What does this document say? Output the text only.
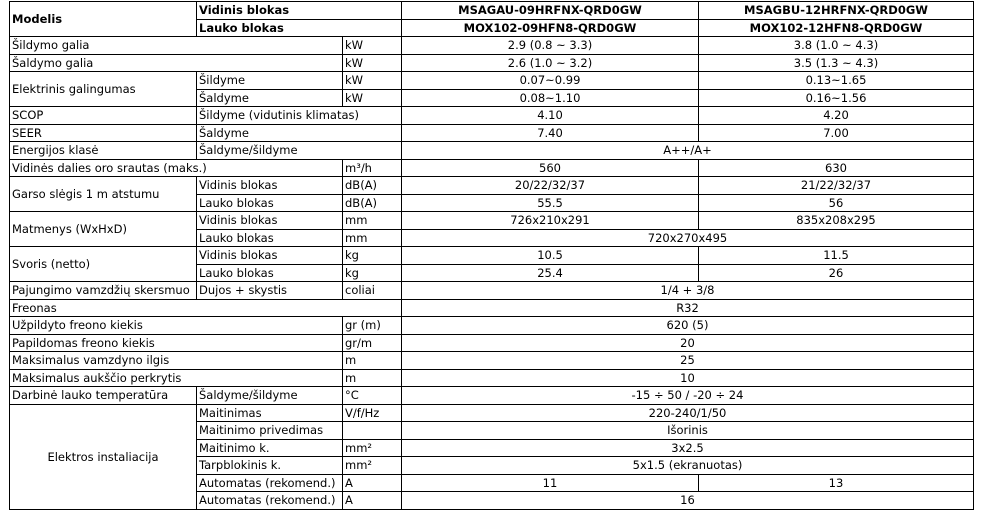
Modelis	Vidinis blokas		MSAGAU-09HRFNX-QRD0GW	MSAGBU-12HRFNX-QRD0GW
	Lauko blokas		MOX102-09HFN8-QRD0GW	MOX102-12HFN8-QRD0GW
Šildymo galia		kW	2.9 (0.8 ~ 3.3)	3.8 (1.0 ~ 4.3)
Šaldymo galia		kW	2.6 (1.0 ~ 3.2)	3.5 (1.3 ~ 4.3)
Elektrinis galingumas	Šildyme	kW	0.07~0.99	0.13~1.65
	Šaldyme	kW	0.08~1.10	0.16~1.56
SCOP	Šildyme (vidutinis klimatas)		4.10	4.20
SEER	Šaldyme		7.40	7.00
Energijos klasė	Šaldyme/šildyme		A++/A+	
Vidinės dalies oro srautas (maks.)		m³/h	560	630
Garso slėgis 1 m atstumu	Vidinis blokas	dB(A)	20/22/32/37	21/22/32/37
	Lauko blokas	dB(A)	55.5	56
Matmenys (WxHxD)	Vidinis blokas	mm	726x210x291	835x208x295
	Lauko blokas	mm	720x270x495	
Svoris (netto)	Vidinis blokas	kg	10.5	11.5
	Lauko blokas	kg	25.4	26
Pajungimo vamzdžių skersmuo	Dujos + skystis	coliai	1/4 + 3/8	
Freonas			R32	
Užpildyto freono kiekis		gr (m)	620 (5)	
Papildomas freono kiekis		gr/m	20	
Maksimalus vamzdyno ilgis		m	25	
Maksimalus aukščio perkrytis		m	10	
Darbinė lauko temperatūra	Šaldyme/šildyme	°C	-15 ÷ 50 / -20 ÷ 24	
Elektros instaliacija	Maitinimas	V/f/Hz	220-240/1/50	
	Maitinimo privedimas		Išorinis	
	Maitinimo k.	mm²	3x2.5	
	Tarpblokinis k.	mm²	5x1.5 (ekranuotas)	
	Automatas (rekomend.)	A	11	13
	Automatas (rekomend.)	A	16	
